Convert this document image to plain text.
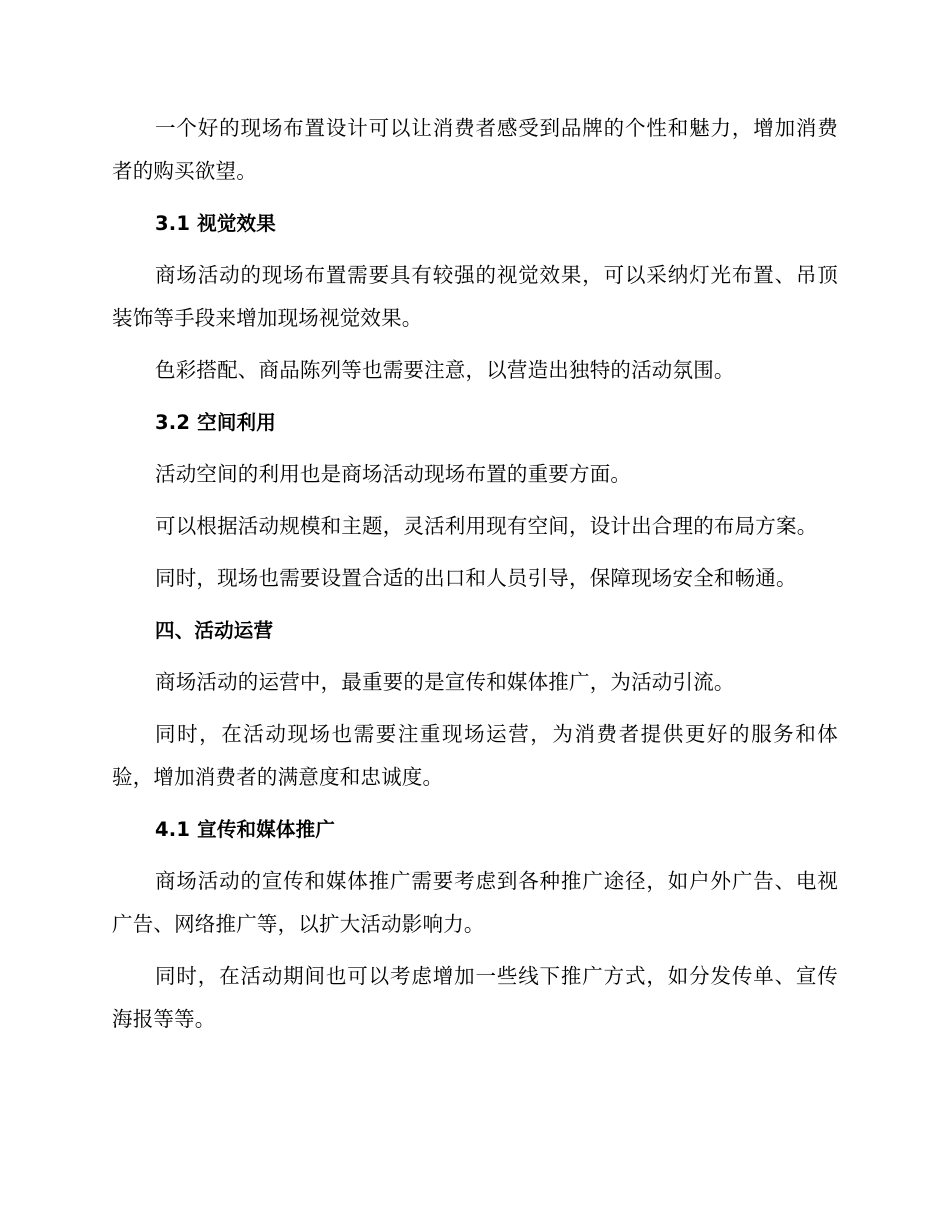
一个好的现场布置设计可以让消费者感受到品牌的个性和魅力，增加消费者的购买欲望。

3.1 视觉效果

商场活动的现场布置需要具有较强的视觉效果，可以采纳灯光布置、吊顶装饰等手段来增加现场视觉效果。

色彩搭配、商品陈列等也需要注意，以营造出独特的活动氛围。

3.2 空间利用

活动空间的利用也是商场活动现场布置的重要方面。

可以根据活动规模和主题，灵活利用现有空间，设计出合理的布局方案。

同时，现场也需要设置合适的出口和人员引导，保障现场安全和畅通。

四、活动运营

商场活动的运营中，最重要的是宣传和媒体推广，为活动引流。

同时，在活动现场也需要注重现场运营，为消费者提供更好的服务和体验，增加消费者的满意度和忠诚度。

4.1 宣传和媒体推广

商场活动的宣传和媒体推广需要考虑到各种推广途径，如户外广告、电视广告、网络推广等，以扩大活动影响力。

同时，在活动期间也可以考虑增加一些线下推广方式，如分发传单、宣传海报等等。
